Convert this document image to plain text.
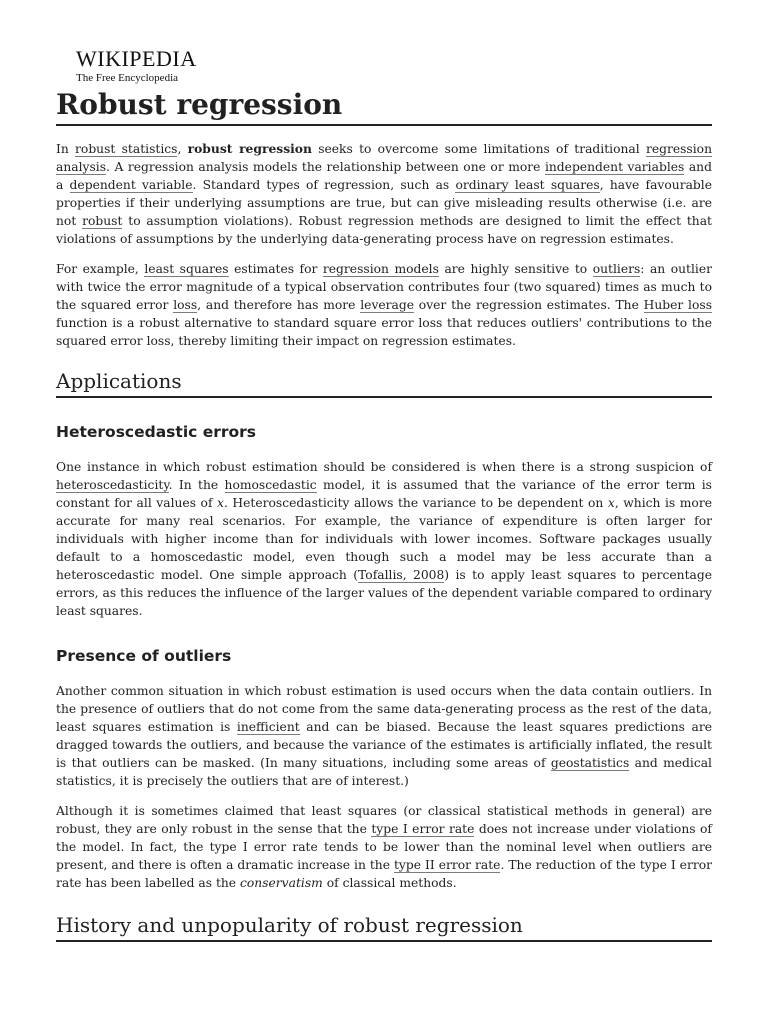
WIKIPEDIA
The Free Encyclopedia
Robust regression

In robust statistics, robust regression seeks to overcome some limitations of traditional regression analysis. A regression analysis models the relationship between one or more independent variables and a dependent variable. Standard types of regression, such as ordinary least squares, have favourable properties if their underlying assumptions are true, but can give misleading results otherwise (i.e. are not robust to assumption violations). Robust regression methods are designed to limit the effect that violations of assumptions by the underlying data-generating process have on regression estimates.

For example, least squares estimates for regression models are highly sensitive to outliers: an outlier with twice the error magnitude of a typical observation contributes four (two squared) times as much to the squared error loss, and therefore has more leverage over the regression estimates. The Huber loss function is a robust alternative to standard square error loss that reduces outliers' contributions to the squared error loss, thereby limiting their impact on regression estimates.

Applications
Heteroscedastic errors

One instance in which robust estimation should be considered is when there is a strong suspicion of heteroscedasticity. In the homoscedastic model, it is assumed that the variance of the error term is constant for all values of x. Heteroscedasticity allows the variance to be dependent on x, which is more accurate for many real scenarios. For example, the variance of expenditure is often larger for individuals with higher income than for individuals with lower incomes. Software packages usually default to a homoscedastic model, even though such a model may be less accurate than a heteroscedastic model. One simple approach (Tofallis, 2008) is to apply least squares to percentage errors, as this reduces the influence of the larger values of the dependent variable compared to ordinary least squares.

Presence of outliers

Another common situation in which robust estimation is used occurs when the data contain outliers. In the presence of outliers that do not come from the same data-generating process as the rest of the data, least squares estimation is inefficient and can be biased. Because the least squares predictions are dragged towards the outliers, and because the variance of the estimates is artificially inflated, the result is that outliers can be masked. (In many situations, including some areas of geostatistics and medical statistics, it is precisely the outliers that are of interest.)

Although it is sometimes claimed that least squares (or classical statistical methods in general) are robust, they are only robust in the sense that the type I error rate does not increase under violations of the model. In fact, the type I error rate tends to be lower than the nominal level when outliers are present, and there is often a dramatic increase in the type II error rate. The reduction of the type I error rate has been labelled as the conservatism of classical methods.

History and unpopularity of robust regression
